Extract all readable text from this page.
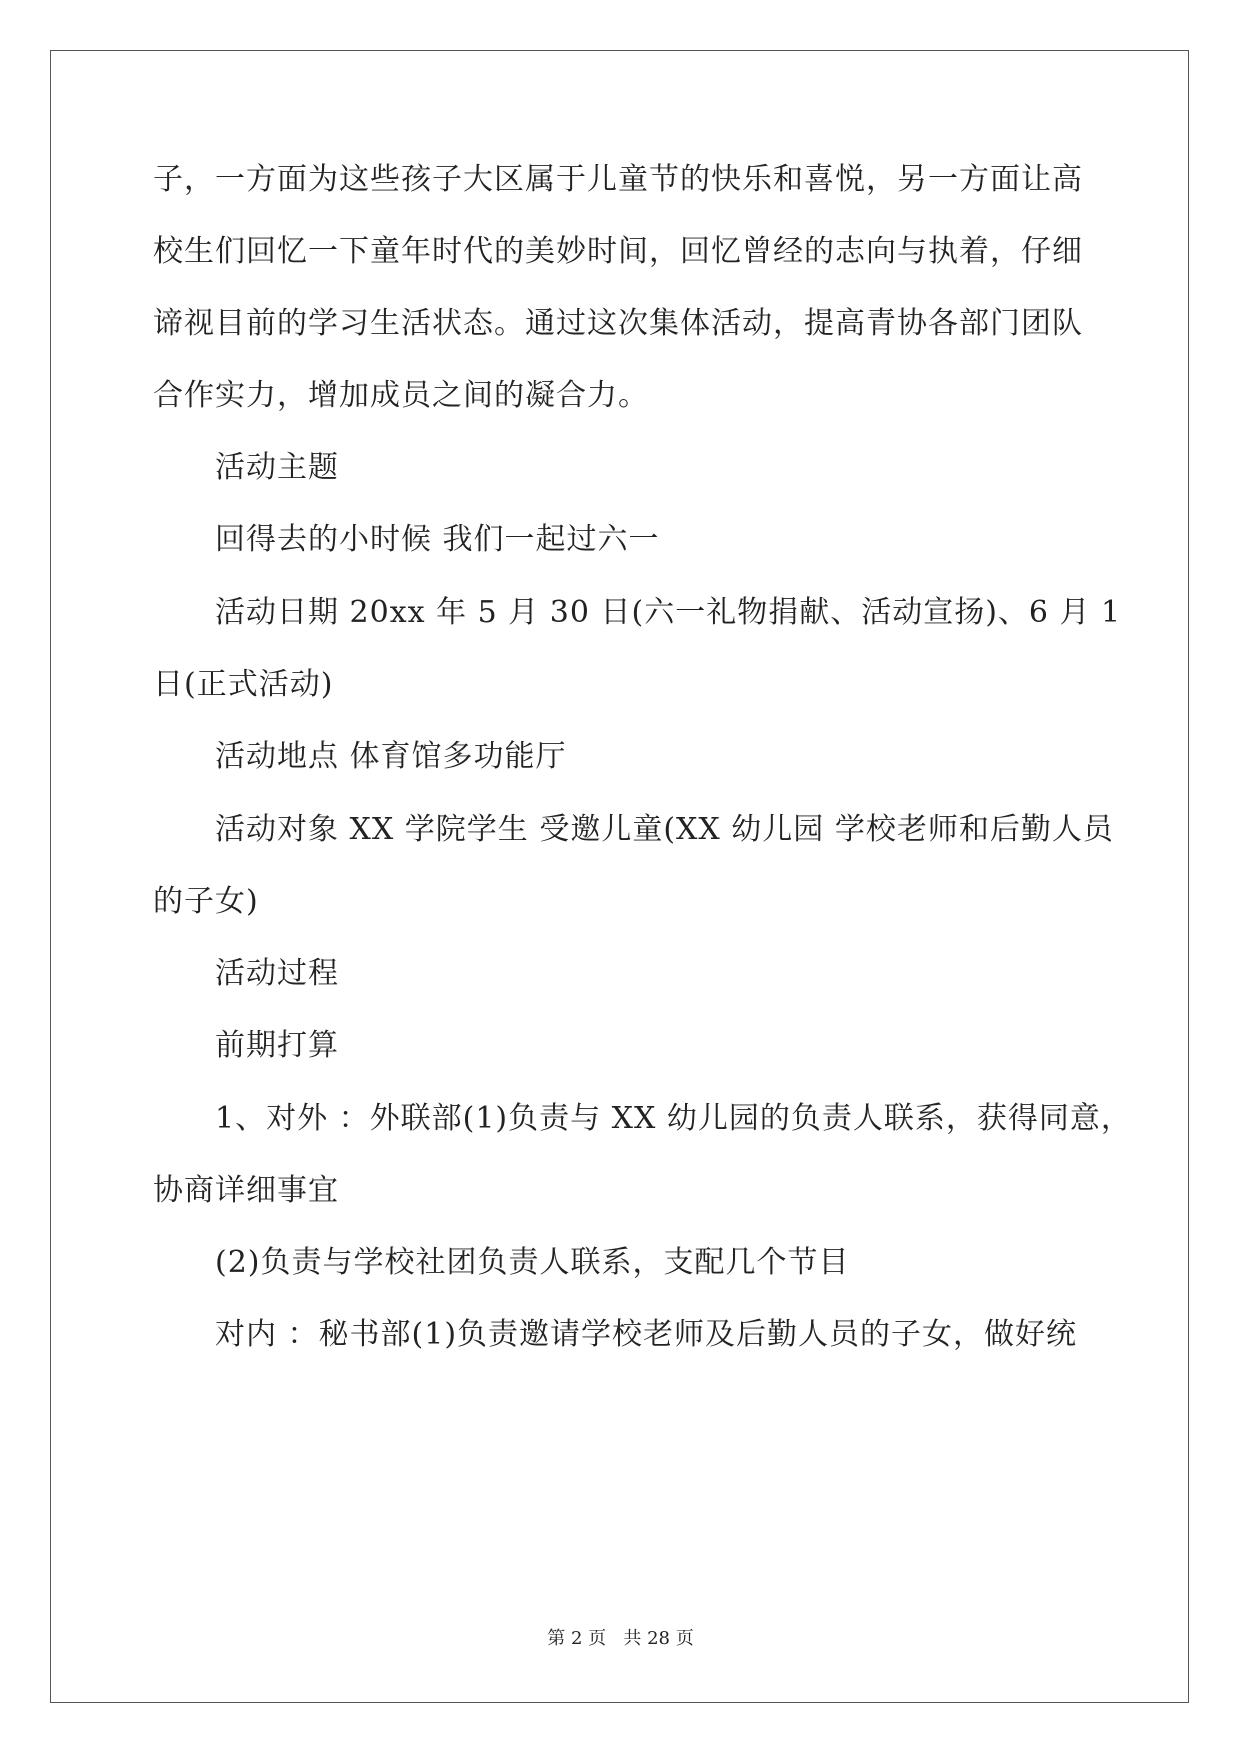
子，一方面为这些孩子大区属于儿童节的快乐和喜悦，另一方面让高
校生们回忆一下童年时代的美妙时间，回忆曾经的志向与执着，仔细
谛视目前的学习生活状态。通过这次集体活动，提高青协各部门团队
合作实力，增加成员之间的凝合力。
活动主题
回得去的小时候 我们一起过六一
活动日期 20xx 年 5 月 30 日(六一礼物捐献、活动宣扬)、6 月 1
日(正式活动)
活动地点 体育馆多功能厅
活动对象 XX 学院学生 受邀儿童(XX 幼儿园 学校老师和后勤人员
的子女)
活动过程
前期打算
1、对外 ：外联部(1)负责与 XX 幼儿园的负责人联系，获得同意，
协商详细事宜
(2)负责与学校社团负责人联系，支配几个节目
对内 ：秘书部(1)负责邀请学校老师及后勤人员的子女，做好统
第 2 页   共 28 页
